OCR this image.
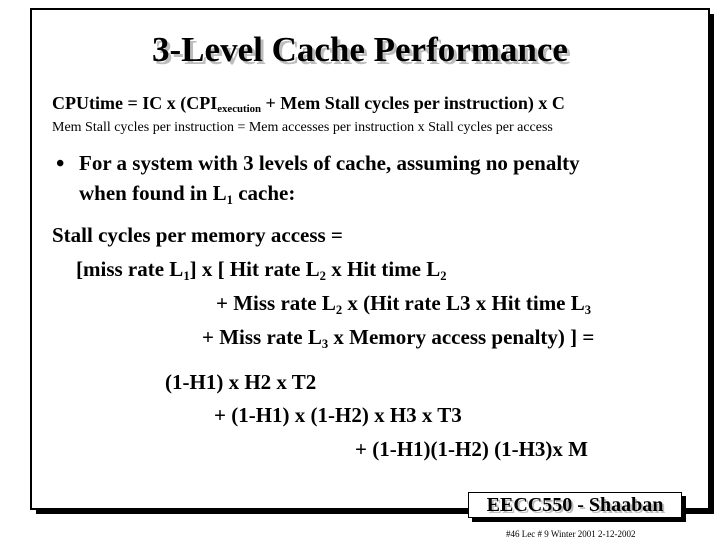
3-Level Cache Performance
CPUtime = IC x ($CPI_{execution}$ + Mem Stall cycles per instruction) x C
Mem Stall cycles per instruction = Mem accesses per instruction x Stall cycles per access
• For a system with 3 levels of cache, assuming no penalty
when found in $L_1$ cache:
Stall cycles per memory access =
[miss rate $L_1$] x [ Hit rate $L_2$ x Hit time $L_2$
+ Miss rate $L_2$ x (Hit rate L3 x Hit time $L_3$
+ Miss rate $L_3$ x Memory access penalty) ] =
(1-H1) x H2 x T2
+ (1-H1) x (1-H2) x H3 x T3
+ (1-H1)(1-H2) (1-H3)x M
EECC550 - Shaaban
#46 Lec # 9 Winter 2001 2-12-2002
